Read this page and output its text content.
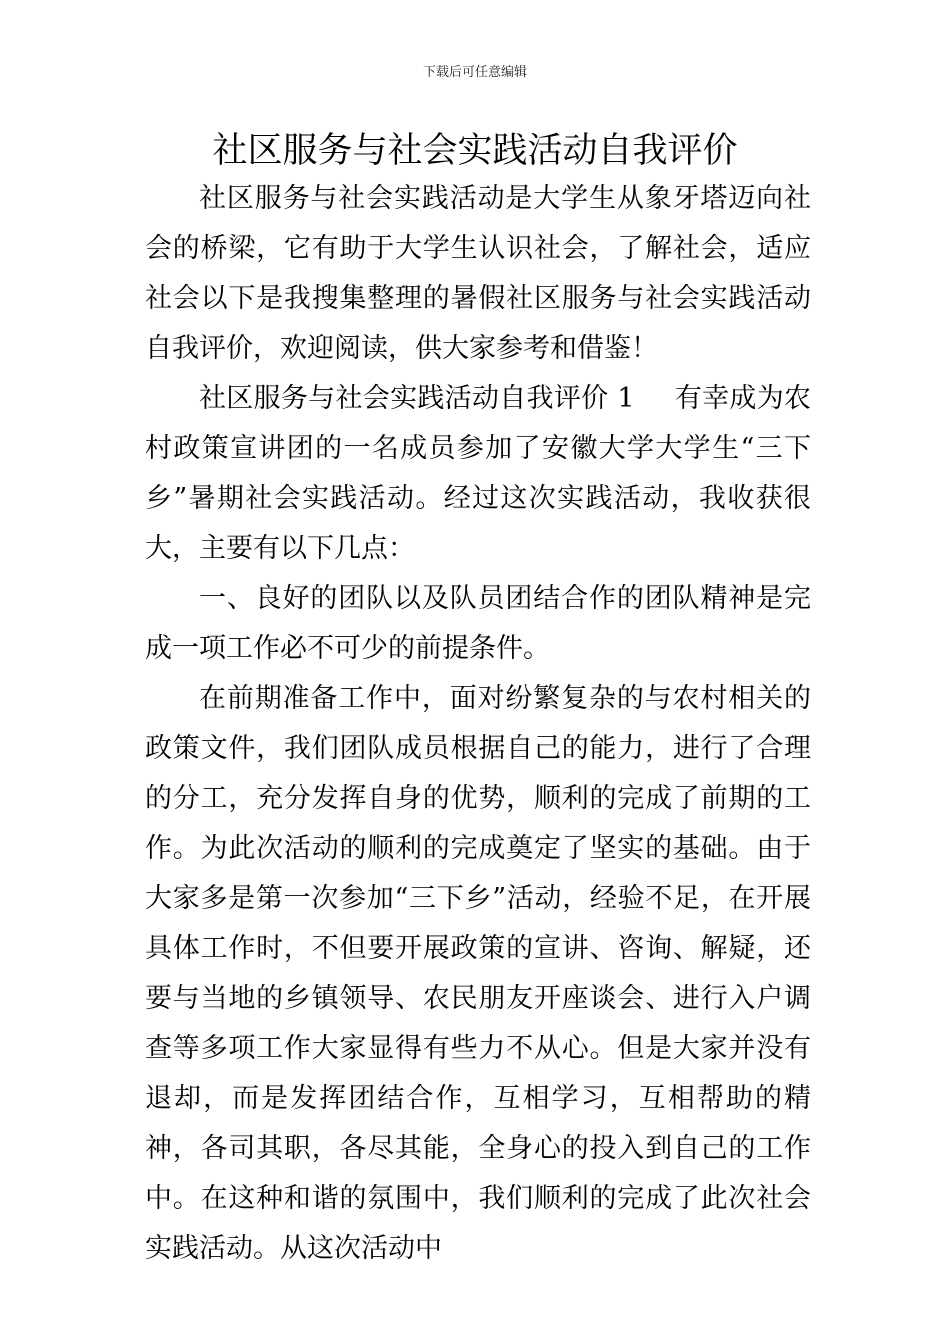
下载后可任意编辑
社区服务与社会实践活动自我评价

社区服务与社会实践活动是大学生从象牙塔迈向社会的桥梁，它有助于大学生认识社会，了解社会，适应社会以下是我搜集整理的暑假社区服务与社会实践活动自我评价，欢迎阅读，供大家参考和借鉴！

社区服务与社会实践活动自我评价 1 有幸成为农村政策宣讲团的一名成员参加了安徽大学大学生“三下乡”暑期社会实践活动。经过这次实践活动，我收获很大，主要有以下几点：

一、良好的团队以及队员团结合作的团队精神是完成一项工作必不可少的前提条件。

在前期准备工作中，面对纷繁复杂的与农村相关的政策文件，我们团队成员根据自己的能力，进行了合理的分工，充分发挥自身的优势，顺利的完成了前期的工作。为此次活动的顺利的完成奠定了坚实的基础。由于大家多是第一次参加“三下乡”活动，经验不足，在开展具体工作时，不但要开展政策的宣讲、咨询、解疑，还要与当地的乡镇领导、农民朋友开座谈会、进行入户调查等多项工作大家显得有些力不从心。但是大家并没有退却，而是发挥团结合作，互相学习，互相帮助的精神，各司其职，各尽其能，全身心的投入到自己的工作中。在这种和谐的氛围中，我们顺利的完成了此次社会实践活动。从这次活动中
